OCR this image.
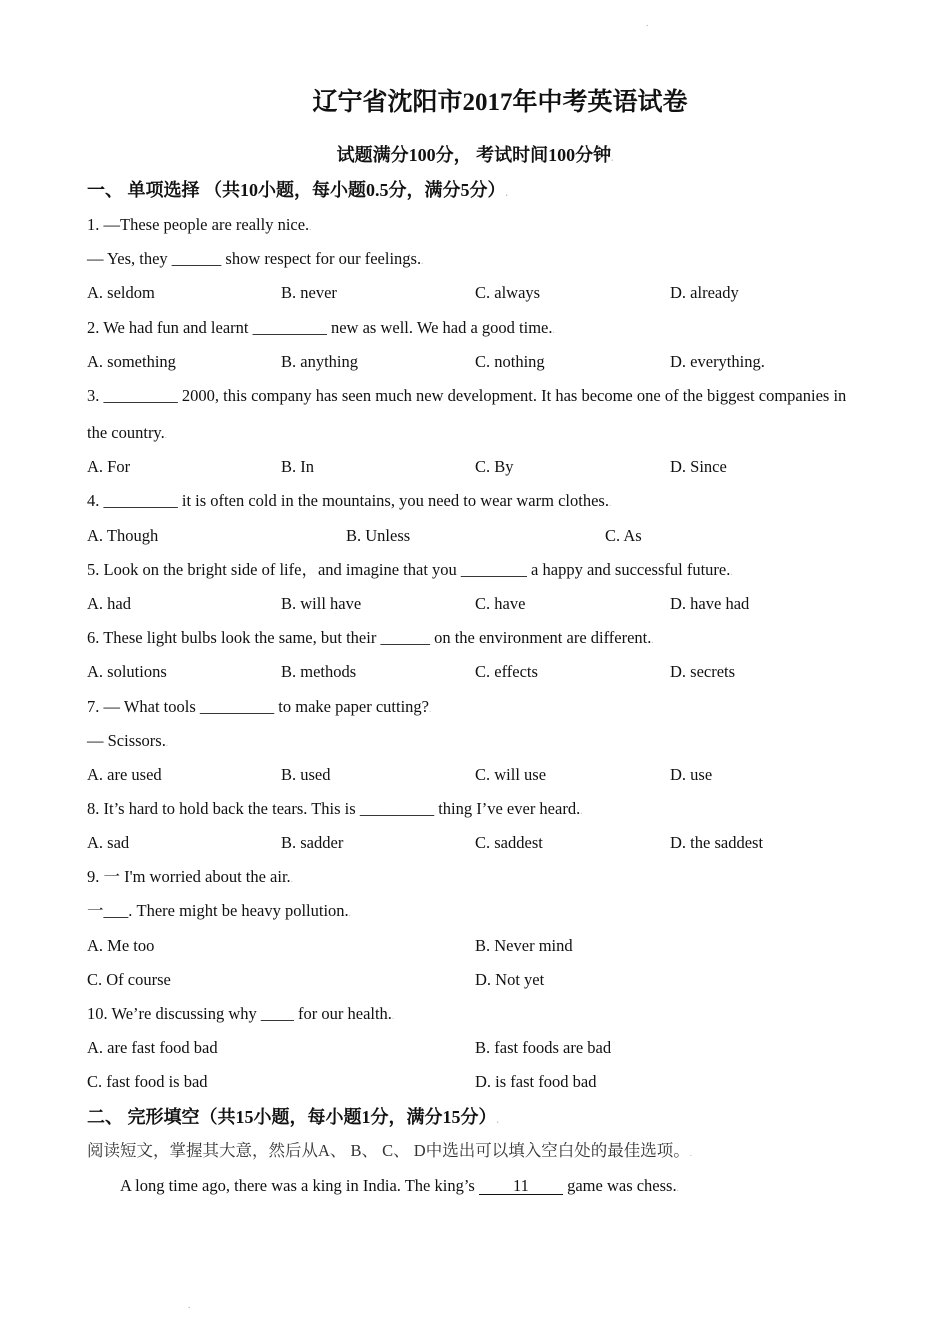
.
辽宁省沈阳市2017年中考英语试卷
试题满分100分， 考试时间100分钟.
一、 单项选择 （共10小题，每小题0.5分，满分5分）.
1. —These people are really nice..
— Yes, they ______ show respect for our feelings..
A. seldom	B. never	C. always	D. already
2. We had fun and learnt _________ new as well. We had a good time..
A. something	B. anything	C. nothing	D. everything.
3. _________ 2000, this company has seen much new development. It has become one of the biggest companies in
the country..
A. For	B. In	C. By	D. Since
4. _________ it is often cold in the mountains, you need to wear warm clothes..
A. Though	B. Unless	C. As
5. Look on the bright side of life，and imagine that you ________ a happy and successful future..
A. had	B. will have	C. have	D. have had
6. These light bulbs look the same, but their ______ on the environment are different..
A. solutions	B. methods	C. effects	D. secrets
7. — What tools _________ to make paper cutting?.
— Scissors..
A. are used	B. used	C. will use	D. use
8. It’s hard to hold back the tears. This is _________ thing I’ve ever heard..
A. sad	B. sadder	C. saddest	D. the saddest
9. 一 I'm worried about the air..
一___. There might be heavy pollution..
A. Me too	B. Never mind
C. Of course	D. Not yet
10. We’re discussing why ____ for our health..
A. are fast food bad	B. fast foods are bad
C. fast food is bad	D. is fast food bad
二、 完形填空（共15小题，每小题1分，满分15分）.
阅读短文，掌握其大意，然后从A、 B、 C、 D中选出可以填入空白处的最佳选项。.
A long time ago, there was a king in India. The king’s 11 game was chess..
.
